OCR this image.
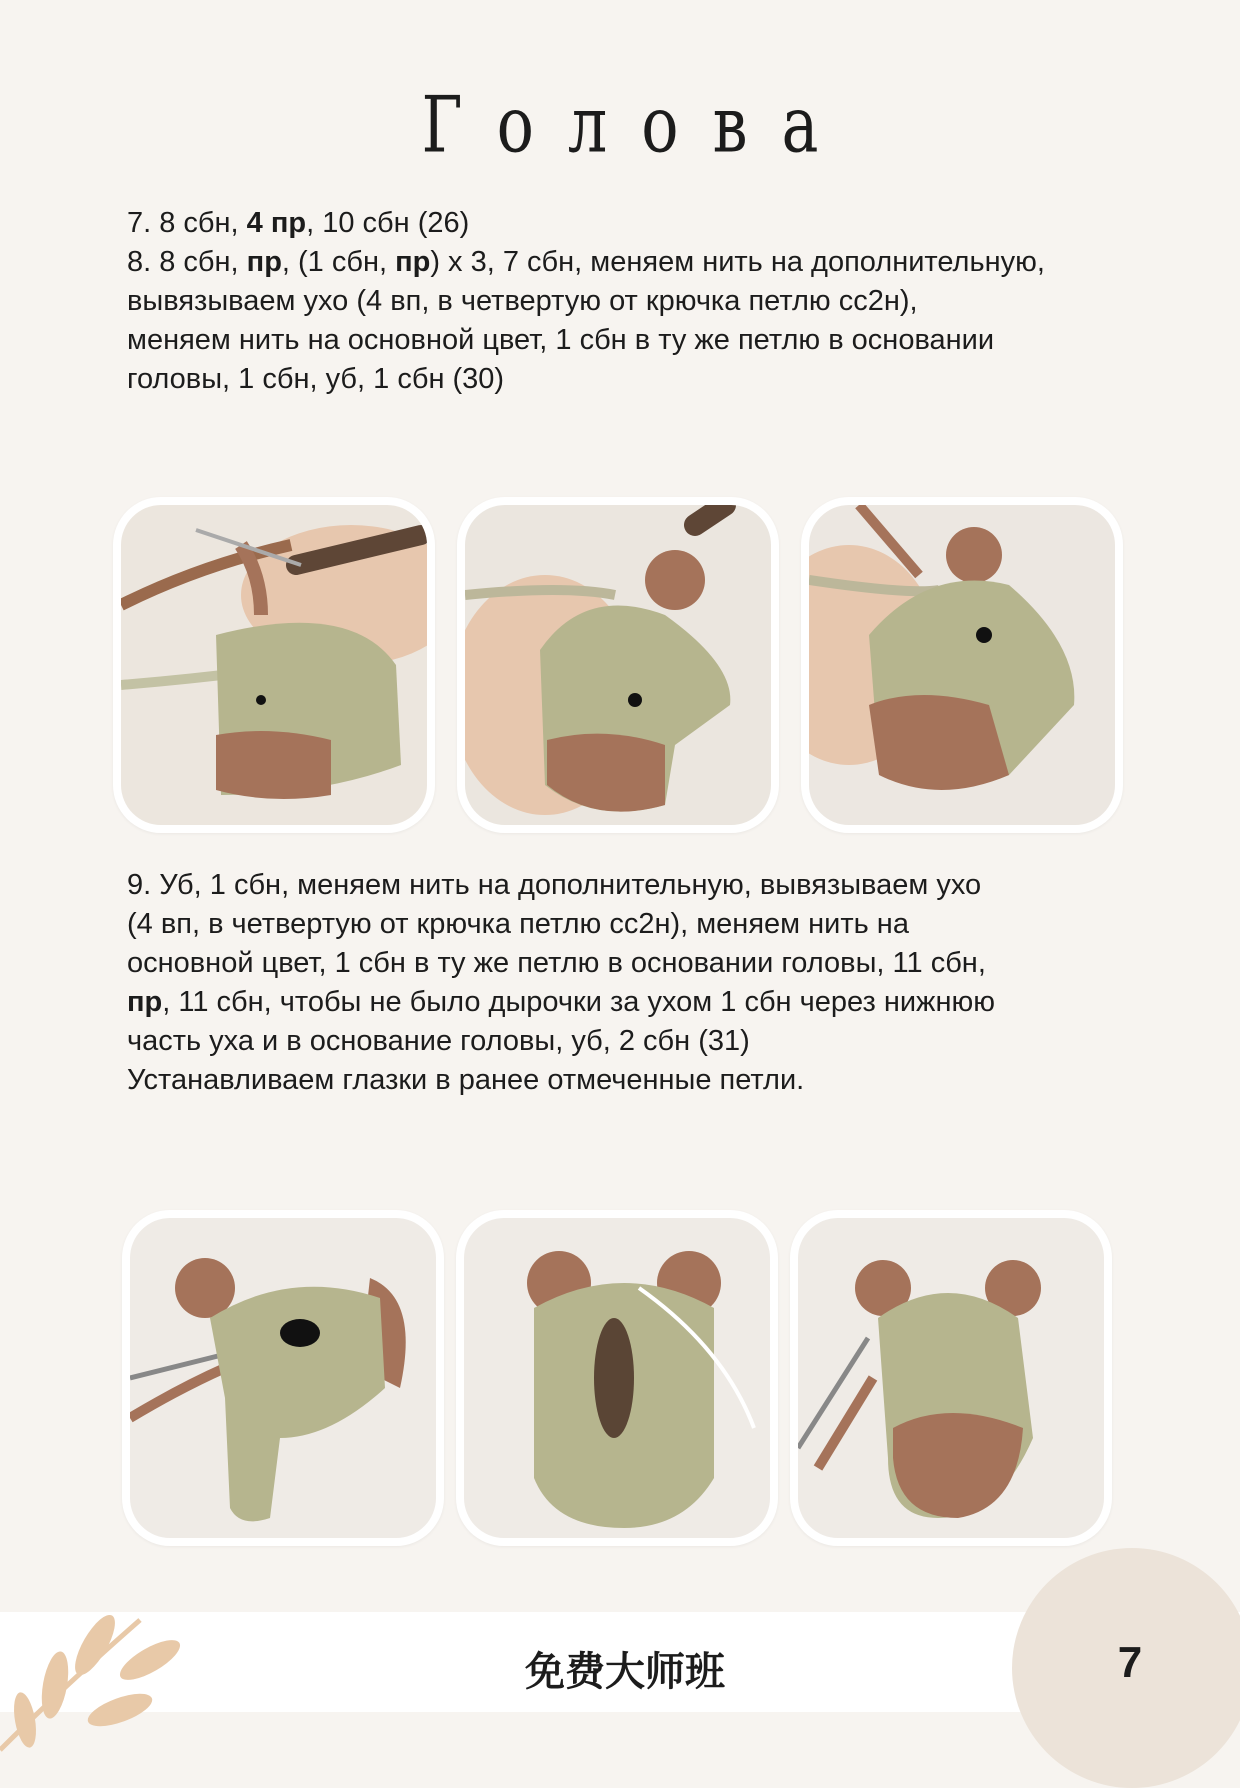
Голова

7. 8 сбн, 4 пр, 10 сбн (26)

8. 8 сбн, пр, (1 сбн, пр) х 3, 7 сбн, меняем нить на дополнительную,

вывязываем ухо (4 вп, в четвертую от крючка петлю сс2н),

меняем нить на основной цвет, 1 сбн в ту же петлю в основании

головы, 1 сбн, уб, 1 сбн (30)

9. Уб, 1 сбн, меняем нить на дополнительную, вывязываем ухо

(4 вп, в четвертую от крючка петлю сс2н), меняем нить на

основной цвет, 1 сбн в ту же петлю в основании головы, 11 сбн,

пр, 11 сбн, чтобы не было дырочки за ухом 1 сбн через нижнюю

часть уха и в основание головы, уб, 2 сбн (31)

Устанавливаем глазки в ранее отмеченные петли.

免费大师班	7
